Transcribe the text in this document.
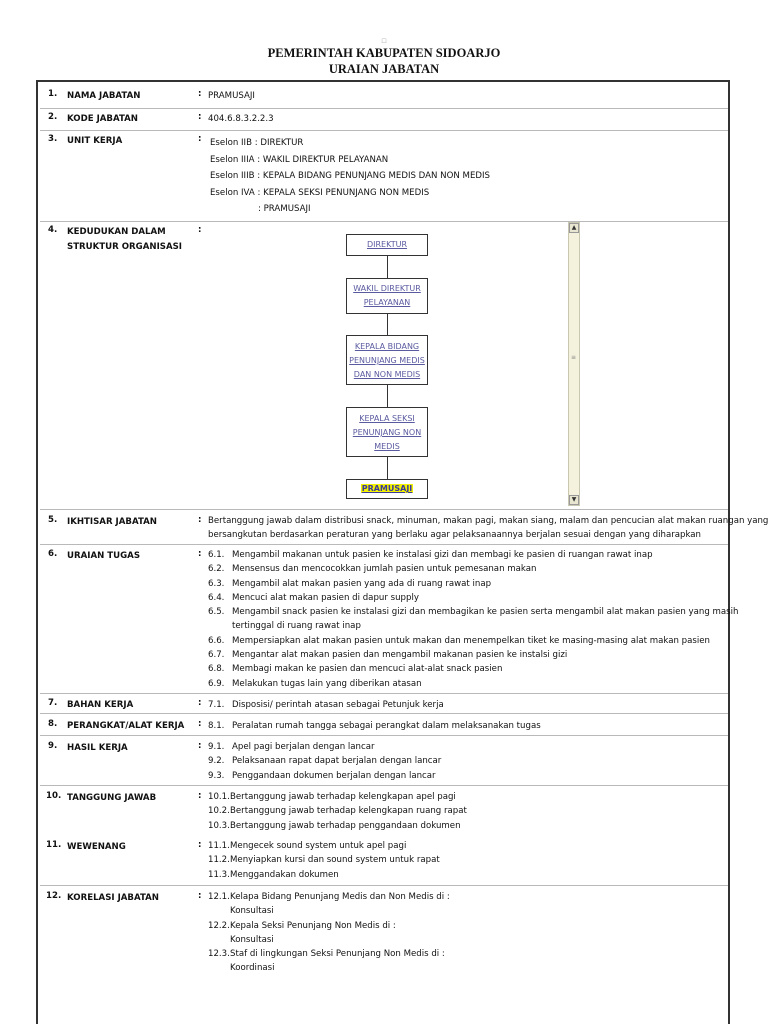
□
PEMERINTAH KABUPATEN SIDOARJO
URAIAN JABATAN
1. NAMA JABATAN	: PRAMUSAJI
2. KODE JABATAN	: 404.6.8.3.2.2.3
3. UNIT KERJA	: Eselon IIB : DIREKTUR
Eselon IIIA : WAKIL DIREKTUR PELAYANAN
Eselon IIIB : KEPALA BIDANG PENUNJANG MEDIS DAN NON MEDIS
Eselon IVA : KEPALA SEKSI PENUNJANG NON MEDIS
: PRAMUSAJI
4. KEDUDUKAN DALAM
STRUKTUR ORGANISASI
:
DIREKTUR
WAKIL DIREKTUR
PELAYANAN
KEPALA BIDANG
PENUNJANG MEDIS
DAN NON MEDIS
KEPALA SEKSI
PENUNJANG NON
MEDIS
PRAMUSAJI
▲
≡
▼
5. IKHTISAR JABATAN	: Bertanggung jawab dalam distribusi snack, minuman, makan pagi, makan siang, malam dan pencucian alat makan ruangan yang
bersangkutan berdasarkan peraturan yang berlaku agar pelaksanaannya berjalan sesuai dengan yang diharapkan
6. URAIAN TUGAS	: 6.1. Mengambil makanan untuk pasien ke instalasi gizi dan membagi ke pasien di ruangan rawat inap
6.2. Mensensus dan mencocokkan jumlah pasien untuk pemesanan makan
6.3. Mengambil alat makan pasien yang ada di ruang rawat inap
6.4. Mencuci alat makan pasien di dapur supply
6.5. Mengambil snack pasien ke instalasi gizi dan membagikan ke pasien serta mengambil alat makan pasien yang masih
tertinggal di ruang rawat inap
6.6. Mempersiapkan alat makan pasien untuk makan dan menempelkan tiket ke masing-masing alat makan pasien
6.7. Mengantar alat makan pasien dan mengambil makanan pasien ke instalsi gizi
6.8. Membagi makan ke pasien dan mencuci alat-alat snack pasien
6.9. Melakukan tugas lain yang diberikan atasan
7. BAHAN KERJA	: 7.1. Disposisi/ perintah atasan sebagai Petunjuk kerja
8. PERANGKAT/ALAT KERJA	: 8.1. Peralatan rumah tangga sebagai perangkat dalam melaksanakan tugas
9. HASIL KERJA	: 9.1. Apel pagi berjalan dengan lancar
9.2. Pelaksanaan rapat dapat berjalan dengan lancar
9.3. Penggandaan dokumen berjalan dengan lancar
10. TANGGUNG JAWAB	: 10.1.Bertanggung jawab terhadap kelengkapan apel pagi
10.2.Bertanggung jawab terhadap kelengkapan ruang rapat
10.3.Bertanggung jawab terhadap penggandaan dokumen
11. WEWENANG	: 11.1.Mengecek sound system untuk apel pagi
11.2.Menyiapkan kursi dan sound system untuk rapat
11.3.Menggandakan dokumen
12. KORELASI JABATAN	: 12.1.Kelapa Bidang Penunjang Medis dan Non Medis di :
Konsultasi
12.2.Kepala Seksi Penunjang Non Medis di :
Konsultasi
12.3.Staf di lingkungan Seksi Penunjang Non Medis di :
Koordinasi
